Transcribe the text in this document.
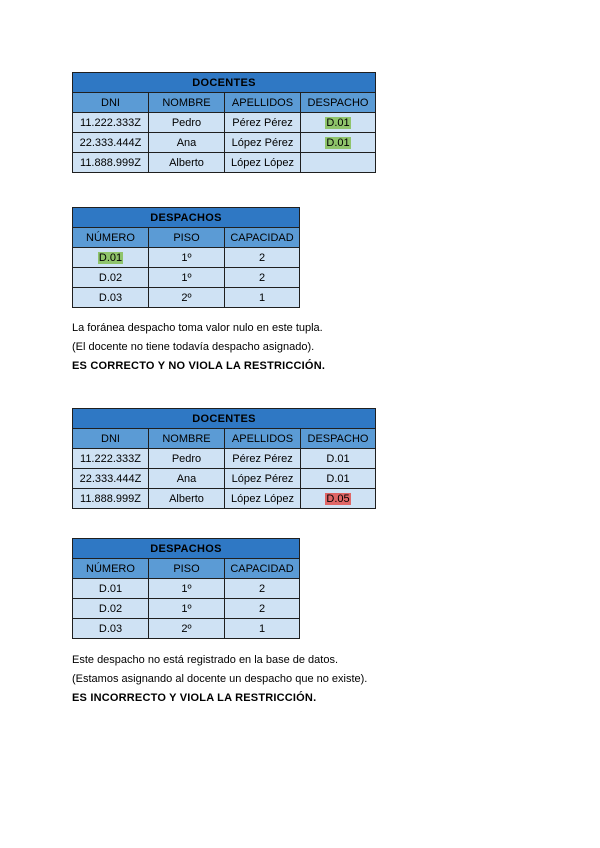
DOCENTES			
DNI	NOMBRE	APELLIDOS	DESPACHO
11.222.333Z	Pedro	Pérez Pérez	D.01
22.333.444Z	Ana	López Pérez	D.01
11.888.999Z	Alberto	López López	
DESPACHOS		
NÚMERO	PISO	CAPACIDAD
D.01	1º	2
D.02	1º	2
D.03	2º	1
La foránea despacho toma valor nulo en este tupla.
(El docente no tiene todavía despacho asignado).
ES CORRECTO Y NO VIOLA LA RESTRICCIÓN.
DOCENTES			
DNI	NOMBRE	APELLIDOS	DESPACHO
11.222.333Z	Pedro	Pérez Pérez	D.01
22.333.444Z	Ana	López Pérez	D.01
11.888.999Z	Alberto	López López	D.05
DESPACHOS		
NÚMERO	PISO	CAPACIDAD
D.01	1º	2
D.02	1º	2
D.03	2º	1
Este despacho no está registrado en la base de datos.
(Estamos asignando al docente un despacho que no existe).
ES INCORRECTO Y VIOLA LA RESTRICCIÓN.
